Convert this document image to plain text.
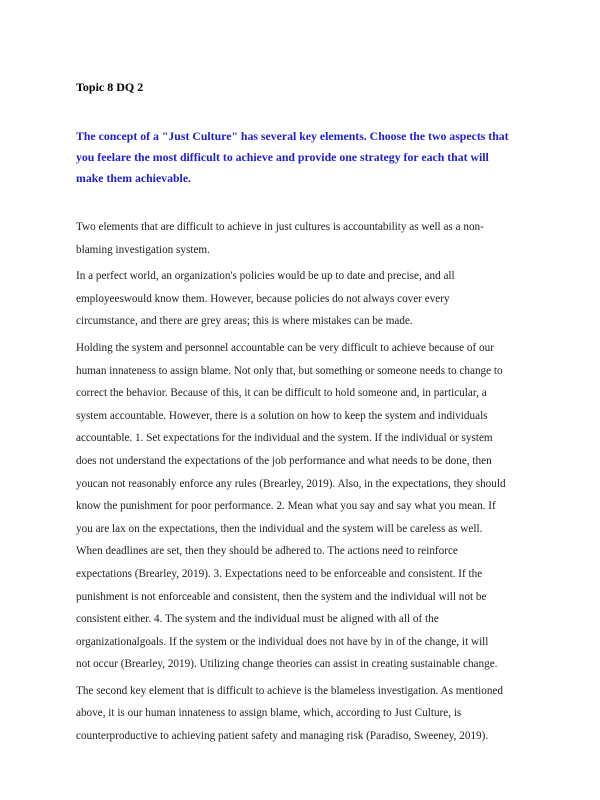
Topic 8 DQ 2
The concept of a "Just Culture" has several key elements. Choose the two aspects that
you feelare the most difficult to achieve and provide one strategy for each that will
make them achievable.
Two elements that are difficult to achieve in just cultures is accountability as well as a non-
blaming investigation system.
In a perfect world, an organization's policies would be up to date and precise, and all
employeeswould know them. However, because policies do not always cover every
circumstance, and there are grey areas; this is where mistakes can be made.
Holding the system and personnel accountable can be very difficult to achieve because of our
human innateness to assign blame. Not only that, but something or someone needs to change to
correct the behavior. Because of this, it can be difficult to hold someone and, in particular, a
system accountable. However, there is a solution on how to keep the system and individuals
accountable. 1. Set expectations for the individual and the system. If the individual or system
does not understand the expectations of the job performance and what needs to be done, then
youcan not reasonably enforce any rules (Brearley, 2019). Also, in the expectations, they should
know the punishment for poor performance. 2. Mean what you say and say what you mean. If
you are lax on the expectations, then the individual and the system will be careless as well.
When deadlines are set, then they should be adhered to. The actions need to reinforce
expectations (Brearley, 2019). 3. Expectations need to be enforceable and consistent. If the
punishment is not enforceable and consistent, then the system and the individual will not be
consistent either. 4. The system and the individual must be aligned with all of the
organizationalgoals. If the system or the individual does not have by in of the change, it will
not occur (Brearley, 2019). Utilizing change theories can assist in creating sustainable change.
The second key element that is difficult to achieve is the blameless investigation. As mentioned
above, it is our human innateness to assign blame, which, according to Just Culture, is
counterproductive to achieving patient safety and managing risk (Paradiso, Sweeney, 2019).
